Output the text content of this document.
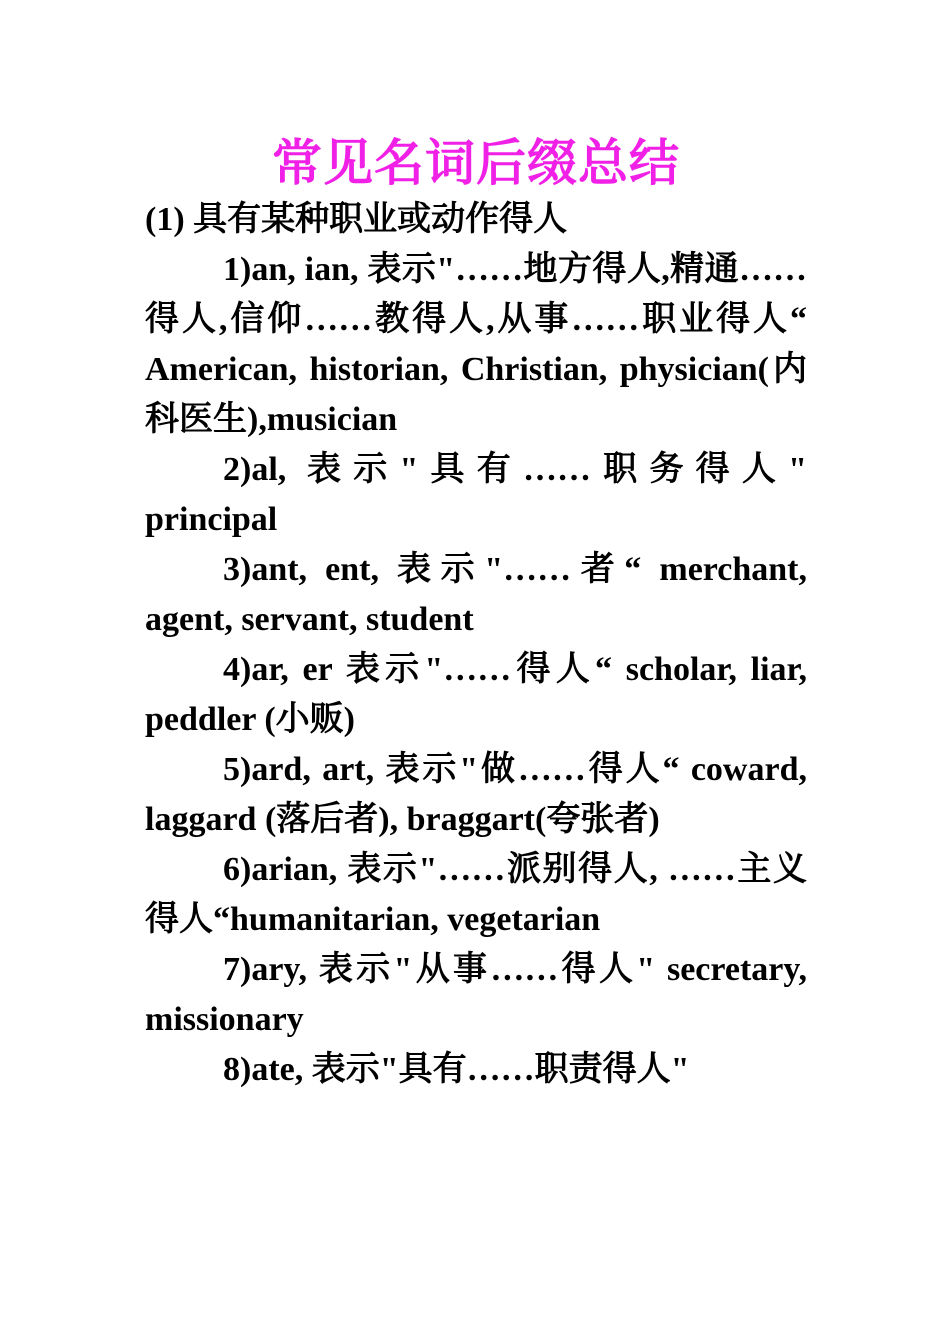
常见名词后缀总结
(1) 具有某种职业或动作得人

1)an, ian, 表示"……地方得人,精通……得人,信仰……教得人,从事……职业得人“ American, historian, Christian, physician(内科医生),musician

2)al, 表示"具有……职务得人" principal

3)ant, ent, 表示"……者“ merchant, agent, servant, student

4)ar, er 表示"……得人“ scholar, liar, peddler (小贩)

5)ard, art, 表示"做……得人“ coward, laggard (落后者), braggart(夸张者)

6)arian, 表示"……派别得人, ……主义得人“humanitarian, vegetarian

7)ary, 表示"从事……得人" secretary, missionary

8)ate, 表示"具有……职责得人"
